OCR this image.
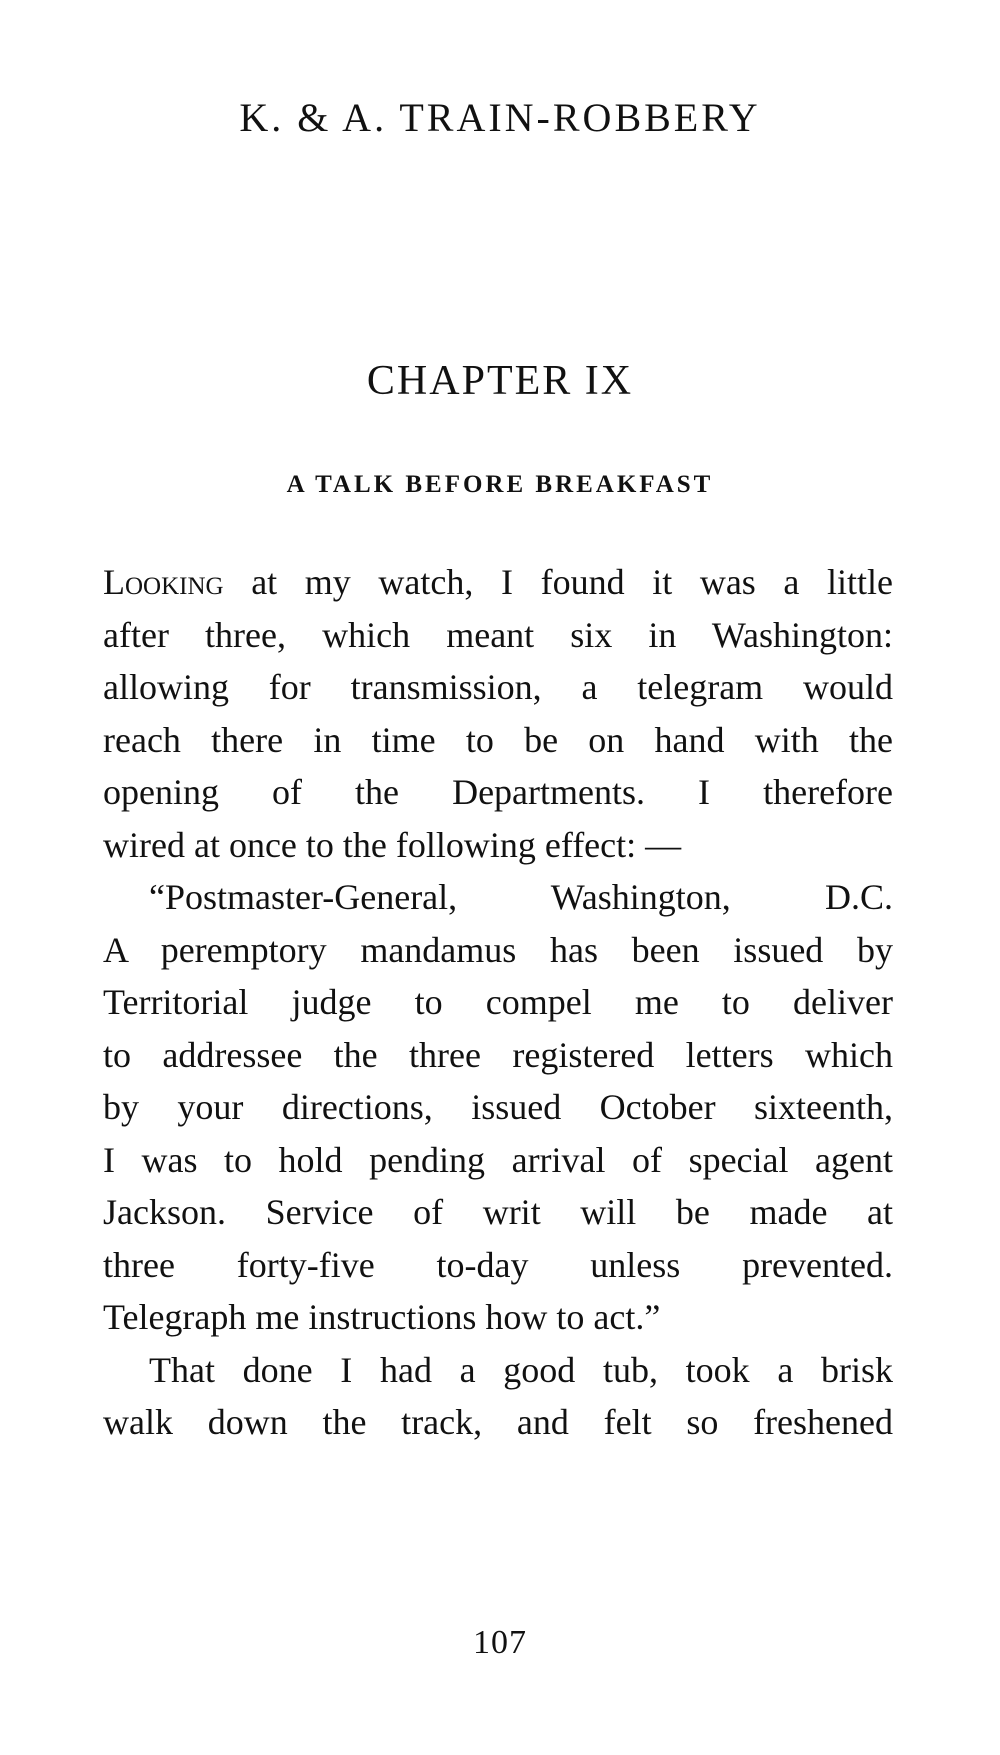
K. & A. TRAIN-ROBBERY
CHAPTER IX
A TALK BEFORE BREAKFAST

Looking at my watch, I found it was a little

after three, which meant six in Washington:

allowing for transmission, a telegram would

reach there in time to be on hand with the

opening of the Departments. I therefore

wired at once to the following effect: —

“Postmaster-General, Washington, D.C.

A peremptory mandamus has been issued by

Territorial judge to compel me to deliver

to addressee the three registered letters which

by your directions, issued October sixteenth,

I was to hold pending arrival of special agent

Jackson. Service of writ will be made at

three forty-five to-day unless prevented.

Telegraph me instructions how to act.”

That done I had a good tub, took a brisk

walk down the track, and felt so freshened

107
